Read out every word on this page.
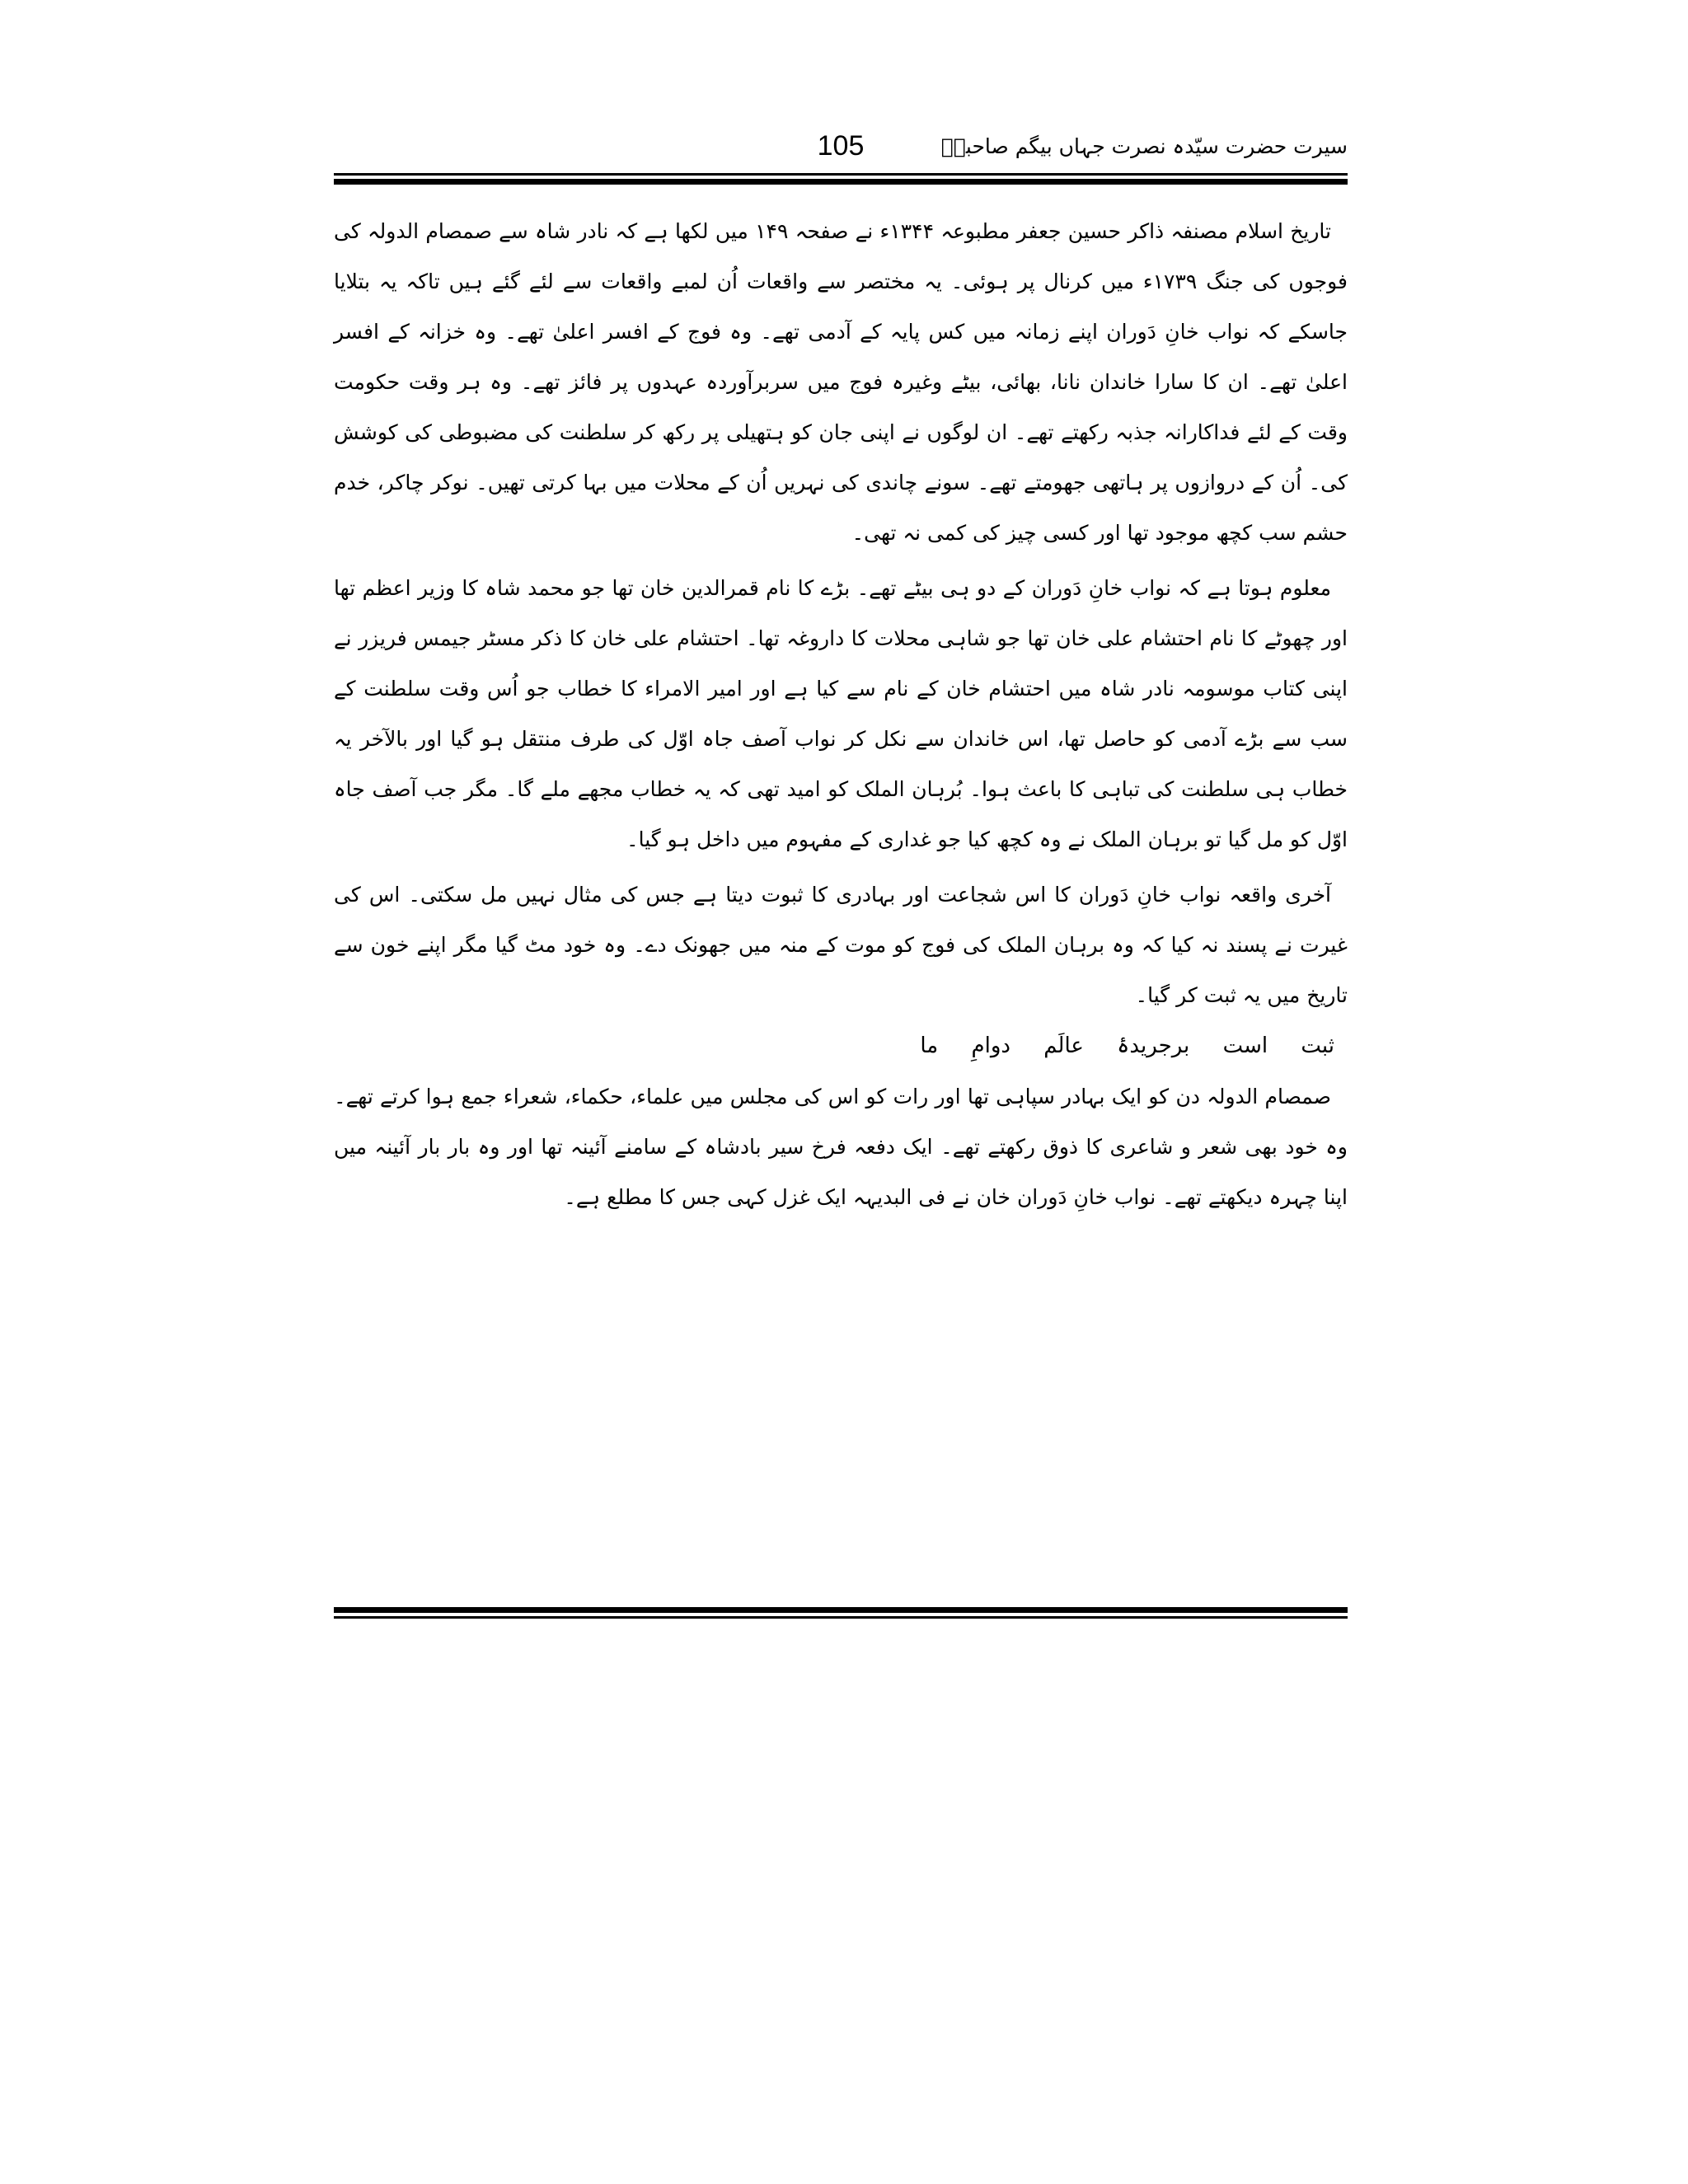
105	سیرت حضرت سیّدہ نصرت جہاں بیگم صاحبہؓ

تاریخ اسلام مصنفہ ذاکر حسین جعفر مطبوعہ ۱۳۴۴ء نے صفحہ ۱۴۹ میں لکھا ہے کہ نادر شاہ سے صمصام الدولہ کی فوجوں کی جنگ ۱۷۳۹ء میں کرنال پر ہوئی۔ یہ مختصر سے واقعات اُن لمبے واقعات سے لئے گئے ہیں تاکہ یہ بتلایا جاسکے کہ نواب خانِ دَوران اپنے زمانہ میں کس پایہ کے آدمی تھے۔ وہ فوج کے افسر اعلیٰ تھے۔ وہ خزانہ کے افسر اعلیٰ تھے۔ ان کا سارا خاندان نانا، بھائی، بیٹے وغیرہ فوج میں سربرآوردہ عہدوں پر فائز تھے۔ وہ ہر وقت حکومت وقت کے لئے فداکارانہ جذبہ رکھتے تھے۔ ان لوگوں نے اپنی جان کو ہتھیلی پر رکھ کر سلطنت کی مضبوطی کی کوشش کی۔ اُن کے دروازوں پر ہاتھی جھومتے تھے۔ سونے چاندی کی نہریں اُن کے محلات میں بہا کرتی تھیں۔ نوکر چاکر، خدم حشم سب کچھ موجود تھا اور کسی چیز کی کمی نہ تھی۔

معلوم ہوتا ہے کہ نواب خانِ دَوران کے دو ہی بیٹے تھے۔ بڑے کا نام قمرالدین خان تھا جو محمد شاہ کا وزیر اعظم تھا اور چھوٹے کا نام احتشام علی خان تھا جو شاہی محلات کا داروغہ تھا۔ احتشام علی خان کا ذکر مسٹر جیمس فریزر نے اپنی کتاب موسومہ نادر شاہ میں احتشام خان کے نام سے کیا ہے اور امیر الامراء کا خطاب جو اُس وقت سلطنت کے سب سے بڑے آدمی کو حاصل تھا، اس خاندان سے نکل کر نواب آصف جاہ اوّل کی طرف منتقل ہو گیا اور بالآخر یہ خطاب ہی سلطنت کی تباہی کا باعث ہوا۔ بُرہان الملک کو امید تھی کہ یہ خطاب مجھے ملے گا۔ مگر جب آصف جاہ اوّل کو مل گیا تو برہان الملک نے وہ کچھ کیا جو غداری کے مفہوم میں داخل ہو گیا۔

آخری واقعہ نواب خانِ دَوران کا اس شجاعت اور بہادری کا ثبوت دیتا ہے جس کی مثال نہیں مل سکتی۔ اس کی غیرت نے پسند نہ کیا کہ وہ برہان الملک کی فوج کو موت کے منہ میں جھونک دے۔ وہ خود مٹ گیا مگر اپنے خون سے تاریخ میں یہ ثبت کر گیا۔

ثبت است برجریدۂ عالَم دوامِ ما

صمصام الدولہ دن کو ایک بہادر سپاہی تھا اور رات کو اس کی مجلس میں علماء، حکماء، شعراء جمع ہوا کرتے تھے۔ وہ خود بھی شعر و شاعری کا ذوق رکھتے تھے۔ ایک دفعہ فرخ سیر بادشاہ کے سامنے آئینہ تھا اور وہ بار بار آئینہ میں اپنا چہرہ دیکھتے تھے۔ نواب خانِ دَوران خان نے فی البدیہہ ایک غزل کہی جس کا مطلع ہے۔
